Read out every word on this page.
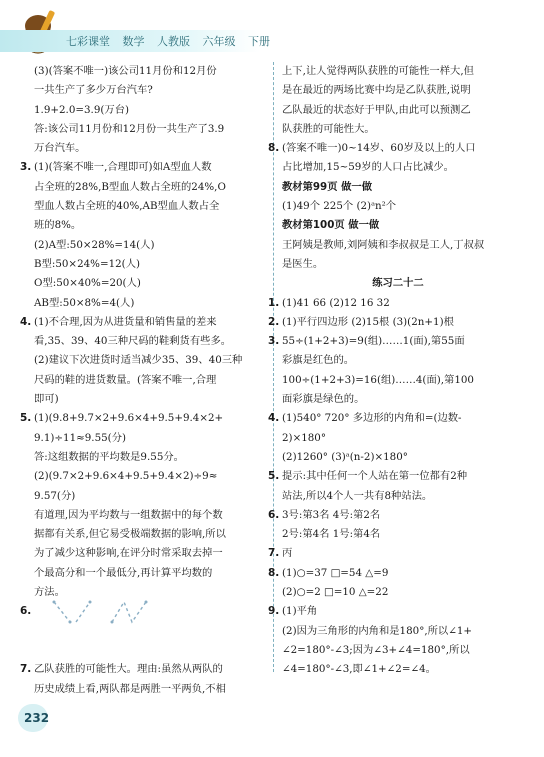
七彩课堂 数学 人教版 六年级 下册
(3)(答案不唯一)该公司11月份和12月份
一共生产了多少万台汽车?
1.9+2.0=3.9(万台)
答:该公司11月份和12月份一共生产了3.9
万台汽车。
3. (1)(答案不唯一,合理即可)如A型血人数
占全班的28%,B型血人数占全班的24%,O
型血人数占全班的40%,AB型血人数占全
班的8%。
(2)A型:50×28%=14(人)
B型:50×24%=12(人)
O型:50×40%=20(人)
AB型:50×8%=4(人)
4. (1)不合理,因为从进货量和销售量的差来
看,35、39、40三种尺码的鞋剩货有些多。
(2)建议下次进货时适当减少35、39、40三种
尺码的鞋的进货数量。(答案不唯一,合理
即可)
5. (1)(9.8+9.7×2+9.6×4+9.5+9.4×2+
9.1)÷11≈9.55(分)
答:这组数据的平均数是9.55分。
(2)(9.7×2+9.6×4+9.5+9.4×2)÷9≈
9.57(分)
有道理,因为平均数与一组数据中的每个数
据都有关系,但它易受极端数据的影响,所以
为了减少这种影响,在评分时常采取去掉一
个最高分和一个最低分,再计算平均数的
方法。
6.
7. 乙队获胜的可能性大。理由:虽然从两队的
历史成绩上看,两队都是两胜一平两负,不相
上下,让人觉得两队获胜的可能性一样大,但
是在最近的两场比赛中均是乙队获胜,说明
乙队最近的状态好于甲队,由此可以预测乙
队获胜的可能性大。
8. (答案不唯一)0~14岁、60岁及以上的人口
占比增加,15~59岁的人口占比减少。
教材第99页 做一做
(1)49个 225个 (2)ᵃn²个
教材第100页 做一做
王阿姨是教师,刘阿姨和李叔叔是工人,丁叔叔
是医生。
练习二十二
1. (1)41 66 (2)12 16 32
2. (1)平行四边形 (2)15根 (3)(2n+1)根
3. 55÷(1+2+3)=9(组)……1(面),第55面
彩旗是红色的。
100÷(1+2+3)=16(组)……4(面),第100
面彩旗是绿色的。
4. (1)540° 720° 多边形的内角和=(边数-
2)×180°
(2)1260° (3)ᵃ(n-2)×180°
5. 提示:其中任何一个人站在第一位都有2种
站法,所以4个人一共有8种站法。
6. 3号:第3名 4号:第2名
2号:第4名 1号:第4名
7. 丙
8. (1)○=37 □=54 △=9
(2)○=2 □=10 △=22
9. (1)平角
(2)因为三角形的内角和是180°,所以∠1+
∠2=180°-∠3;因为∠3+∠4=180°,所以
∠4=180°-∠3,即∠1+∠2=∠4。
232
